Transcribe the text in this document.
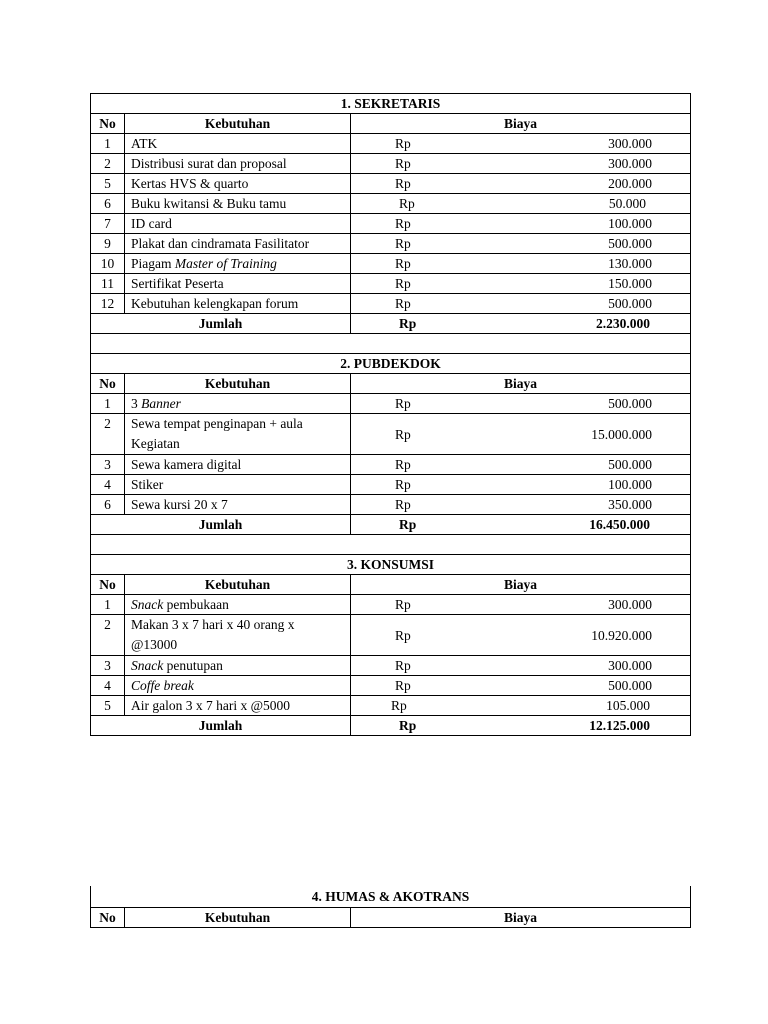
1. SEKRETARIS		
No	Kebutuhan	Biaya
1	ATK	Rp 300.000

2	Distribusi surat dan proposal	Rp 300.000

5	Kertas HVS & quarto	Rp 200.000

6	Buku kwitansi & Buku tamu	Rp 50.000

7	ID card	Rp 100.000

9	Plakat dan cindramata Fasilitator	Rp 500.000

10	Piagam Master of Training	Rp 130.000

11	Sertifikat Peserta	Rp 150.000

12	Kebutuhan kelengkapan forum	Rp 500.000

Jumlah		Rp 2.230.000

2. PUBDEKDOK		
No	Kebutuhan	Biaya
1	3 Banner	Rp 500.000

2	Sewa tempat penginapan + aula Kegiatan	Rp 15.000.000

3	Sewa kamera digital	Rp 500.000

4	Stiker	Rp 100.000

6	Sewa kursi 20 x 7	Rp 350.000

Jumlah		Rp 16.450.000

3. KONSUMSI		
No	Kebutuhan	Biaya
1	Snack pembukaan	Rp 300.000

2	Makan 3 x 7 hari x 40 orang x @13000	Rp 10.920.000

3	Snack penutupan	Rp 300.000

4	Coffe break	Rp 500.000

5	Air galon 3 x 7 hari x @5000	Rp 105.000

Jumlah		Rp 12.125.000
4. HUMAS & AKOTRANS
No	Kebutuhan	Biaya
